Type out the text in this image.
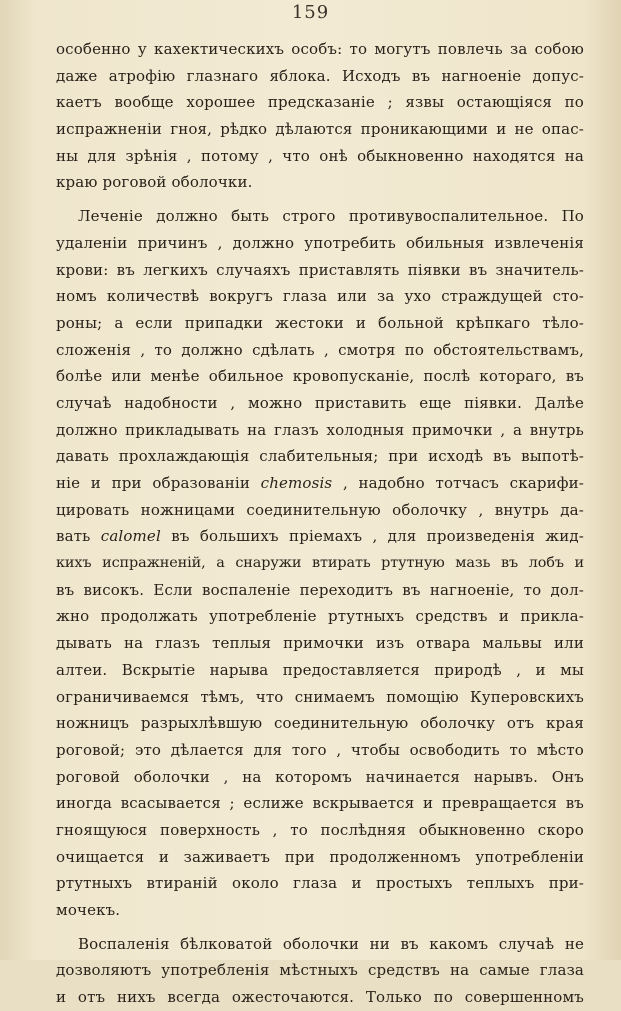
159
особенно у кахектическихъ особъ: то могутъ повлечь за собою
даже атрофію глазнаго яблока. Исходъ въ нагноеніе допус-
каетъ вообще хорошее предсказаніе ; язвы остающіяся по
испражненіи гноя, рѣдко дѣлаются проникающими и не опас-
ны для зрѣнія , потому , что онѣ обыкновенно находятся на
краю роговой оболочки.
Леченіе должно быть строго противувоспалительное. По
удаленіи причинъ , должно употребить обильныя извлеченія
крови: въ легкихъ случаяхъ приставлять піявки въ значитель-
номъ количествѣ вокругъ глаза или за ухо страждущей сто-
роны; а если припадки жестоки и больной крѣпкаго тѣло-
сложенія , то должно сдѣлать , смотря по обстоятельствамъ,
болѣе или менѣе обильное кровопусканіе, послѣ котораго, въ
случаѣ надобности , можно приставить еще піявки. Далѣе
должно прикладывать на глазъ холодныя примочки , а внутрь
давать прохлаждающія слабительныя; при исходѣ въ выпотѣ-
ніе и при образованіи chemosis , надобно тотчасъ скарифи-
цировать ножницами соединительную оболочку , внутрь да-
вать calomel въ большихъ пріемахъ , для произведенія жид-
кихъ испражненій, а снаружи втирать ртутную мазь въ лобъ и
въ високъ. Если воспаленіе переходитъ въ нагноеніе, то дол-
жно продолжать употребленіе ртутныхъ средствъ и прикла-
дывать на глазъ теплыя примочки изъ отвара мальвы или
алтеи. Вскрытіе нарыва предоставляется природѣ , и мы
ограничиваемся тѣмъ, что снимаемъ помощію Куперовскихъ
ножницъ разрыхлѣвшую соединительную оболочку отъ края
роговой; это дѣлается для того , чтобы освободить то мѣсто
роговой оболочки , на которомъ начинается нарывъ. Онъ
иногда всасывается ; еслиже вскрывается и превращается въ
гноящуюся поверхность , то послѣдняя обыкновенно скоро
очищается и заживаетъ при продолженномъ употребленіи
ртутныхъ втираній около глаза и простыхъ теплыхъ при-
мочекъ.
Воспаленія бѣлковатой оболочки ни въ какомъ случаѣ не
дозволяютъ употребленія мѣстныхъ средствъ на самые глаза
и отъ нихъ всегда ожесточаются. Только по совершенномъ
